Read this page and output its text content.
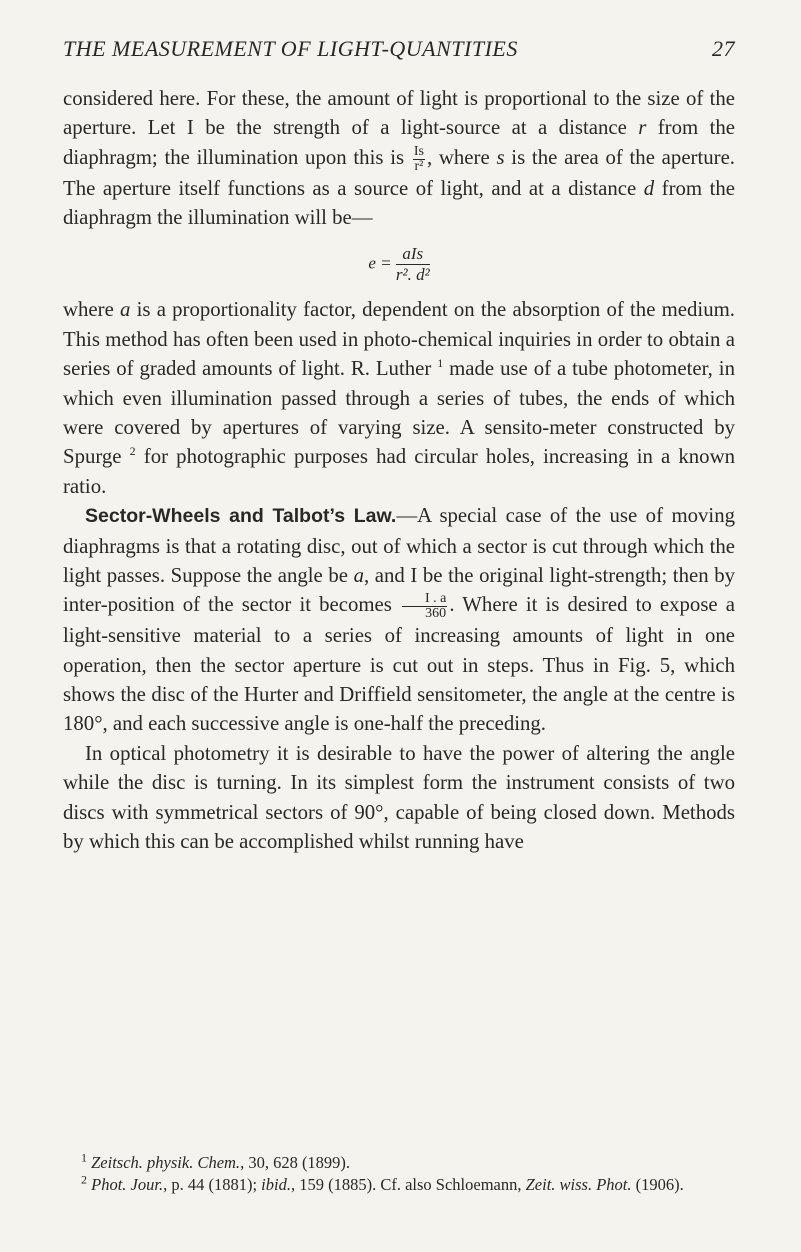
THE MEASUREMENT OF LIGHT-QUANTITIES	27

considered here. For these, the amount of light is proportional to the size of the aperture. Let I be the strength of a light-source at a distance r from the diaphragm; the illumination upon this is $\frac{Is}{\text{r²}}$ , where s is the area of the aperture. The aperture itself functions as a source of light, and at a distance d from the diaphragm the illumination will be—

$e = \frac{\text{aIs}}{\text{r². d²}}$

where a is a proportionality factor, dependent on the absorption of the medium. This method has often been used in photo-chemical inquiries in order to obtain a series of graded amounts of light. R. Luther $^1$ made use of a tube photometer, in which even illumination passed through a series of tubes, the ends of which were covered by apertures of varying size. A sensito-meter constructed by Spurge $^2$ for photographic purposes had circular holes, increasing in a known ratio.

Sector-Wheels and Talbot’s Law.—A special case of the use of moving diaphragms is that a rotating disc, out of which a sector is cut through which the light passes. Suppose the angle be a, and I be the original light-strength; then by inter-position of the sector it becomes $\frac{I . a}{360}$ . Where it is desired to expose a light-sensitive material to a series of increasing amounts of light in one operation, then the sector aperture is cut out in steps. Thus in Fig. 5, which shows the disc of the Hurter and Driffield sensitometer, the angle at the centre is 180°, and each successive angle is one-half the preceding.

In optical photometry it is desirable to have the power of altering the angle while the disc is turning. In its simplest form the instrument consists of two discs with symmetrical sectors of 90°, capable of being closed down. Methods by which this can be accomplished whilst running have

$^1$ Zeitsch. physik. Chem., 30, 628 (1899).

$^2$ Phot. Jour., p. 44 (1881); ibid., 159 (1885). Cf. also Schloemann, Zeit. wiss. Phot. (1906).
